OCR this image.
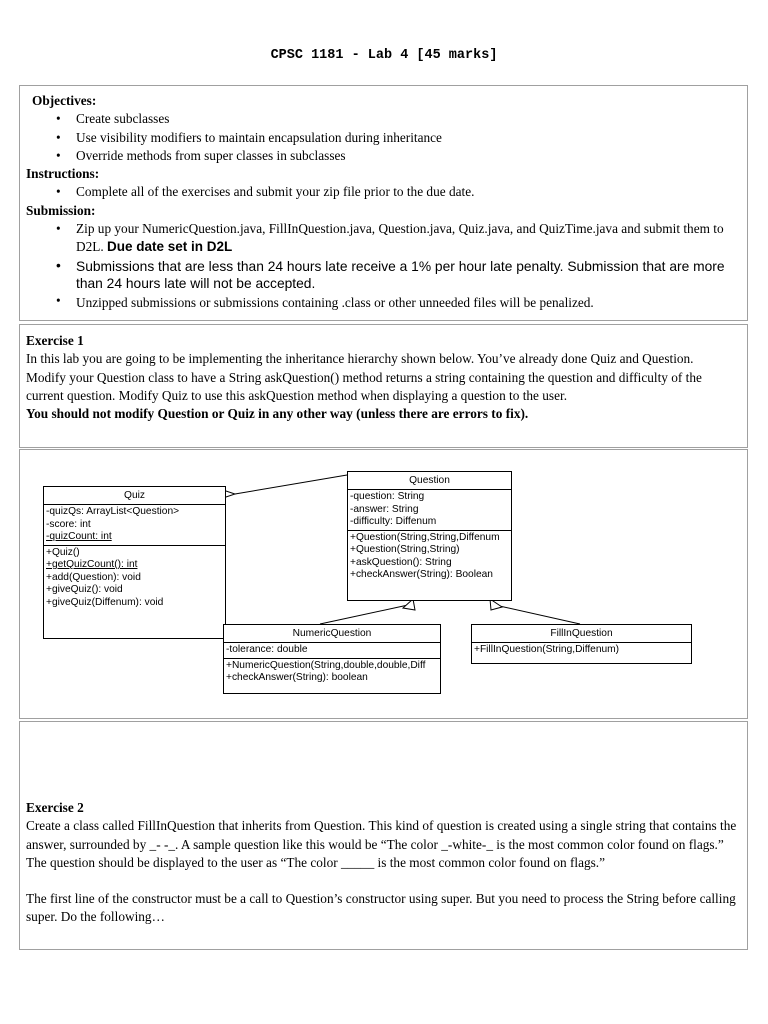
CPSC 1181 - Lab 4 [45 marks]
Objectives:
• Create subclasses
• Use visibility modifiers to maintain encapsulation during inheritance
• Override methods from super classes in subclasses
Instructions:
• Complete all of the exercises and submit your zip file prior to the due date.
Submission:
• Zip up your NumericQuestion.java, FillInQuestion.java, Question.java, Quiz.java, and QuizTime.java and submit them to D2L. Due date set in D2L
• Submissions that are less than 24 hours late receive a 1% per hour late penalty. Submission that are more than 24 hours late will not be accepted.
• Unzipped submissions or submissions containing .class or other unneeded files will be penalized.
Exercise 1
In this lab you are going to be implementing the inheritance hierarchy shown below. You’ve already done Quiz and Question.
Modify your Question class to have a String askQuestion() method returns a string containing the question and difficulty of the current question. Modify Quiz to use this askQuestion method when displaying a question to the user.
You should not modify Question or Quiz in any other way (unless there are errors to fix).
Quiz
-quizQs: ArrayList<Question>
-score: int
-quizCount: int
+Quiz()
+getQuizCount(): int
+add(Question): void
+giveQuiz(): void
+giveQuiz(Diffenum): void
Question
-question: String
-answer: String
-difficulty: Diffenum
+Question(String,String,Diffenum
+Question(String,String)
+askQuestion(): String
+checkAnswer(String): Boolean
NumericQuestion
-tolerance: double
+NumericQuestion(String,double,double,Diff
+checkAnswer(String): boolean
FillInQuestion
+FillInQuestion(String,Diffenum)
Exercise 2
Create a class called FillInQuestion that inherits from Question. This kind of question is created using a single string that contains the answer, surrounded by _- -_. A sample question like this would be “The color _-white-_ is the most common color found on flags.” The question should be displayed to the user as “The color _____ is the most common color found on flags.”
The first line of the constructor must be a call to Question’s constructor using super. But you need to process the String before calling super. Do the following…
